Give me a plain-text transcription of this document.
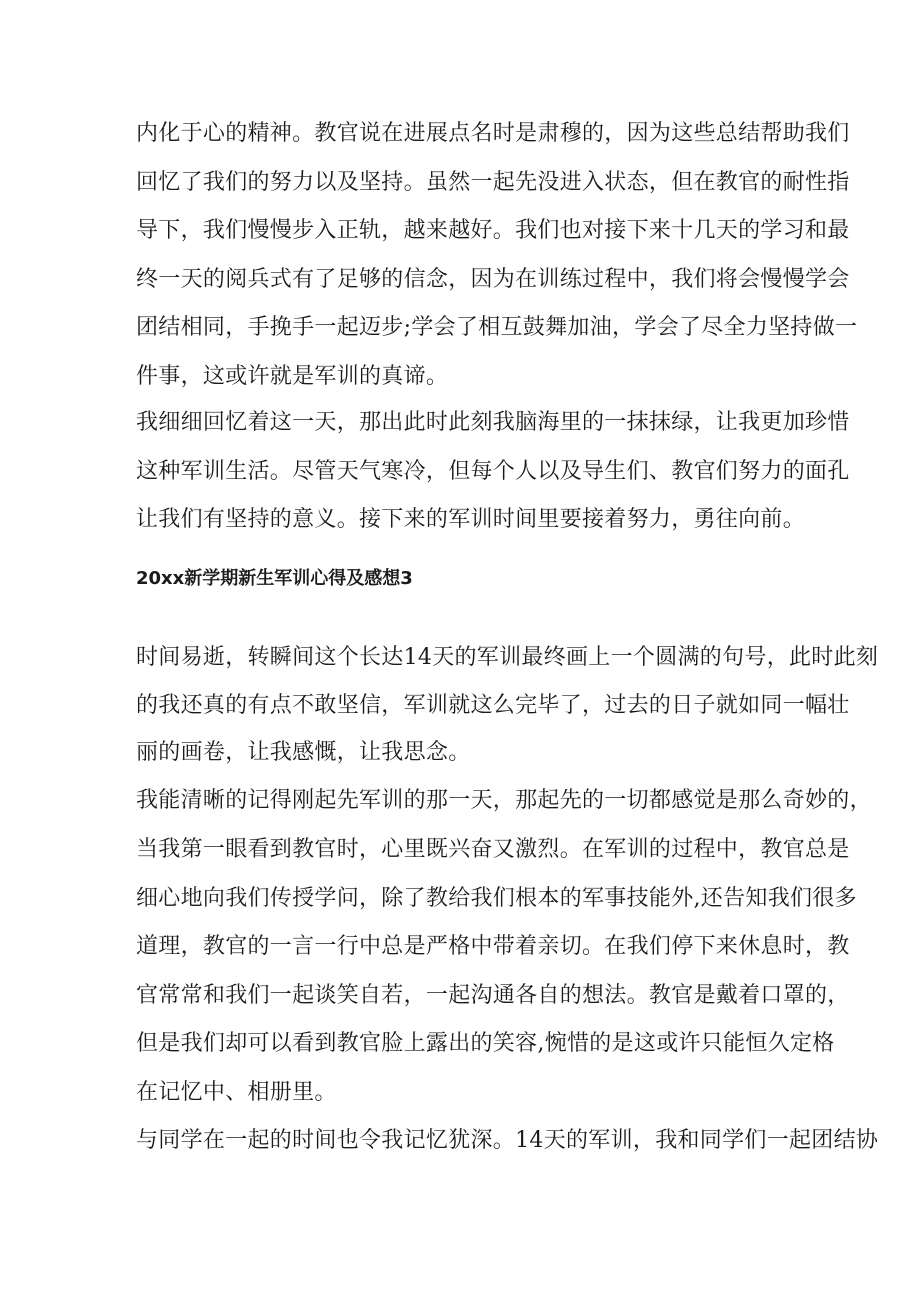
内化于心的精神。教官说在进展点名时是肃穆的，因为这些总结帮助我们
回忆了我们的努力以及坚持。虽然一起先没进入状态，但在教官的耐性指
导下，我们慢慢步入正轨，越来越好。我们也对接下来十几天的学习和最
终一天的阅兵式有了足够的信念，因为在训练过程中，我们将会慢慢学会
团结相同，手挽手一起迈步;学会了相互鼓舞加油，学会了尽全力坚持做一
件事，这或许就是军训的真谛。
我细细回忆着这一天，那出此时此刻我脑海里的一抹抹绿，让我更加珍惜
这种军训生活。尽管天气寒冷，但每个人以及导生们、教官们努力的面孔
让我们有坚持的意义。接下来的军训时间里要接着努力，勇往向前。
20xx新学期新生军训心得及感想3
时间易逝，转瞬间这个长达14天的军训最终画上一个圆满的句号，此时此刻
的我还真的有点不敢坚信，军训就这么完毕了，过去的日子就如同一幅壮
丽的画卷，让我感慨，让我思念。
我能清晰的记得刚起先军训的那一天，那起先的一切都感觉是那么奇妙的，
当我第一眼看到教官时，心里既兴奋又激烈。在军训的过程中，教官总是
细心地向我们传授学问，除了教给我们根本的军事技能外,还告知我们很多
道理，教官的一言一行中总是严格中带着亲切。在我们停下来休息时，教
官常常和我们一起谈笑自若，一起沟通各自的想法。教官是戴着口罩的，
但是我们却可以看到教官脸上露出的笑容,惋惜的是这或许只能恒久定格
在记忆中、相册里。
与同学在一起的时间也令我记忆犹深。14天的军训，我和同学们一起团结协
